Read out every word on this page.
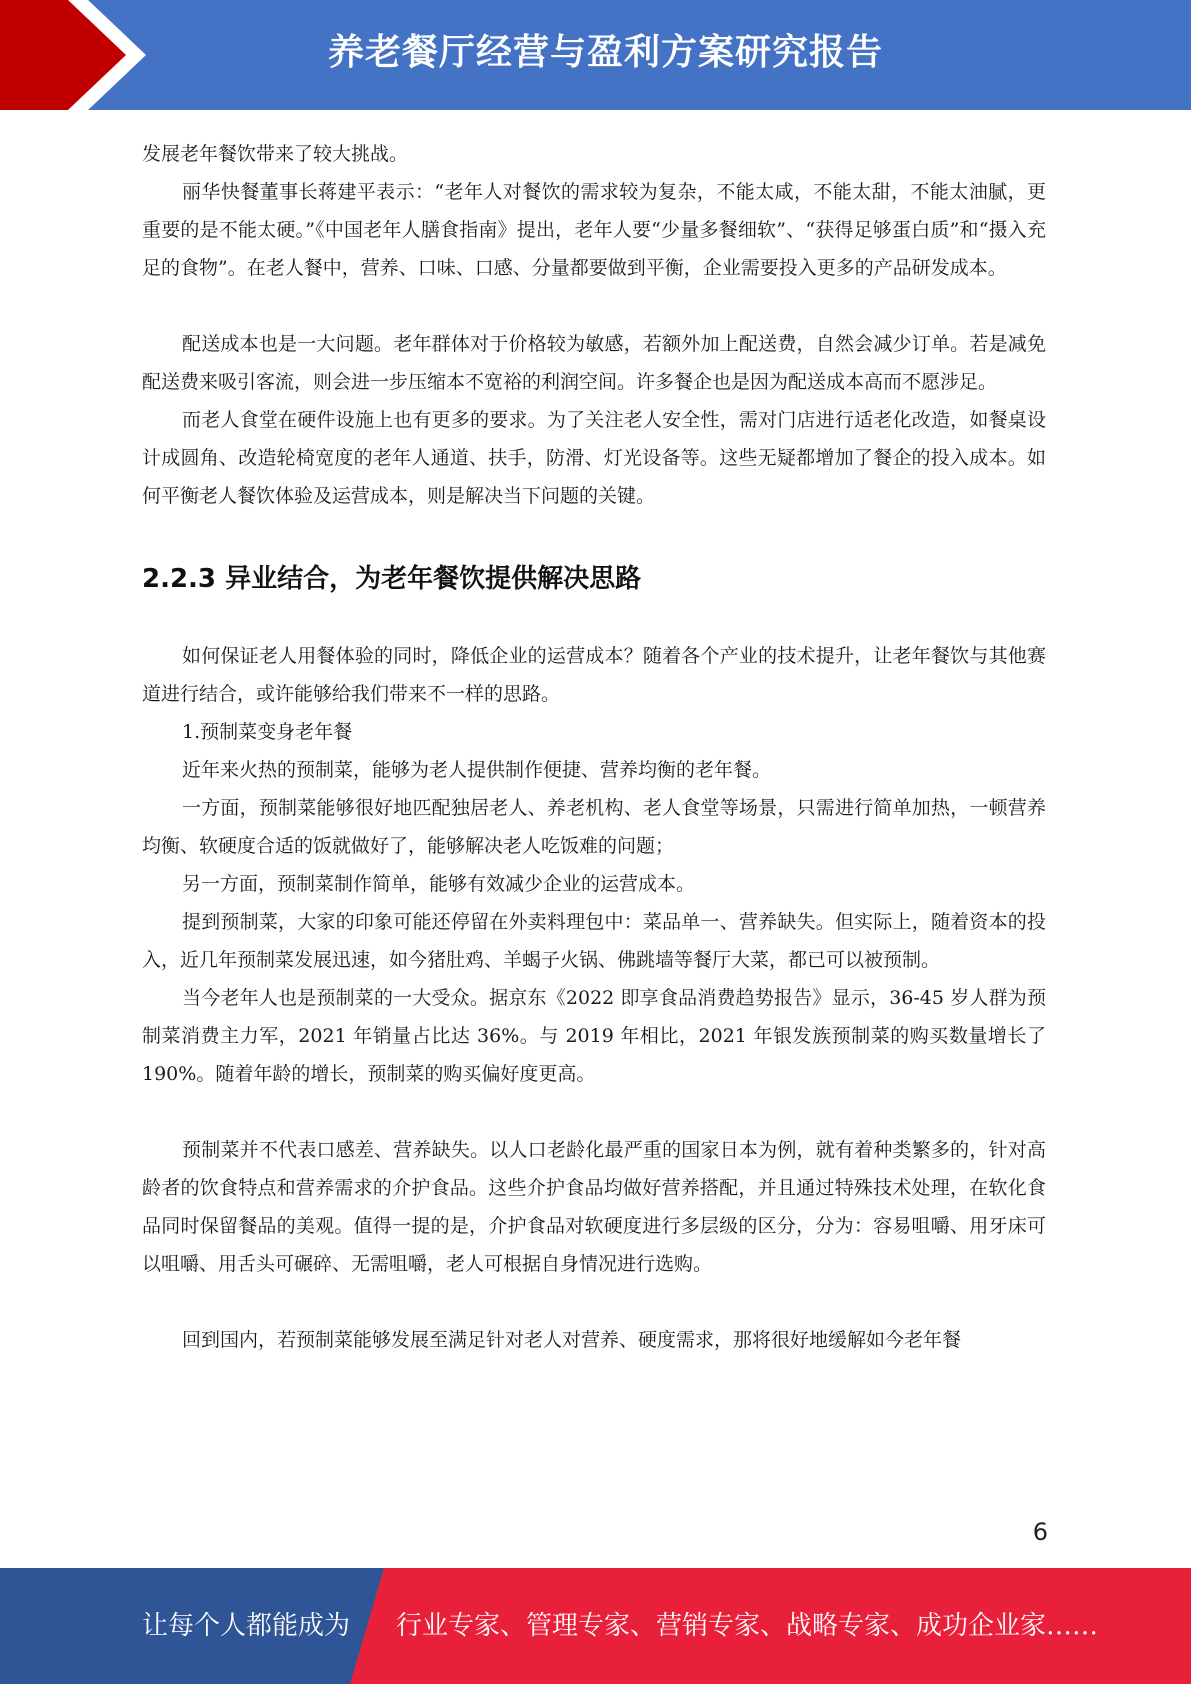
养老餐厅经营与盈利方案研究报告

发展老年餐饮带来了较大挑战。

丽华快餐董事长蒋建平表示：“老年人对餐饮的需求较为复杂，不能太咸，不能太甜，不能太油腻，更重要的是不能太硬。”《中国老年人膳食指南》提出，老年人要“少量多餐细软”、“获得足够蛋白质”和“摄入充足的食物”。在老人餐中，营养、口味、口感、分量都要做到平衡，企业需要投入更多的产品研发成本。

配送成本也是一大问题。老年群体对于价格较为敏感，若额外加上配送费，自然会减少订单。若是减免配送费来吸引客流，则会进一步压缩本不宽裕的利润空间。许多餐企也是因为配送成本高而不愿涉足。

而老人食堂在硬件设施上也有更多的要求。为了关注老人安全性，需对门店进行适老化改造，如餐桌设计成圆角、改造轮椅宽度的老年人通道、扶手，防滑、灯光设备等。这些无疑都增加了餐企的投入成本。如何平衡老人餐饮体验及运营成本，则是解决当下问题的关键。

2.2.3 异业结合，为老年餐饮提供解决思路

如何保证老人用餐体验的同时，降低企业的运营成本？随着各个产业的技术提升，让老年餐饮与其他赛道进行结合，或许能够给我们带来不一样的思路。

1.预制菜变身老年餐

近年来火热的预制菜，能够为老人提供制作便捷、营养均衡的老年餐。

一方面，预制菜能够很好地匹配独居老人、养老机构、老人食堂等场景，只需进行简单加热，一顿营养均衡、软硬度合适的饭就做好了，能够解决老人吃饭难的问题；

另一方面，预制菜制作简单，能够有效减少企业的运营成本。

提到预制菜，大家的印象可能还停留在外卖料理包中：菜品单一、营养缺失。但实际上，随着资本的投入，近几年预制菜发展迅速，如今猪肚鸡、羊蝎子火锅、佛跳墙等餐厅大菜，都已可以被预制。

当今老年人也是预制菜的一大受众。据京东《2022 即享食品消费趋势报告》显示，36-45 岁人群为预制菜消费主力军，2021 年销量占比达 36%。与 2019 年相比，2021 年银发族预制菜的购买数量增长了 190%。随着年龄的增长，预制菜的购买偏好度更高。

预制菜并不代表口感差、营养缺失。以人口老龄化最严重的国家日本为例，就有着种类繁多的，针对高龄者的饮食特点和营养需求的介护食品。这些介护食品均做好营养搭配，并且通过特殊技术处理，在软化食品同时保留餐品的美观。值得一提的是，介护食品对软硬度进行多层级的区分，分为：容易咀嚼、用牙床可以咀嚼、用舌头可碾碎、无需咀嚼，老人可根据自身情况进行选购。

回到国内，若预制菜能够发展至满足针对老人对营养、硬度需求，那将很好地缓解如今老年餐

6
让每个人都能成为 行业专家、管理专家、营销专家、战略专家、成功企业家……
